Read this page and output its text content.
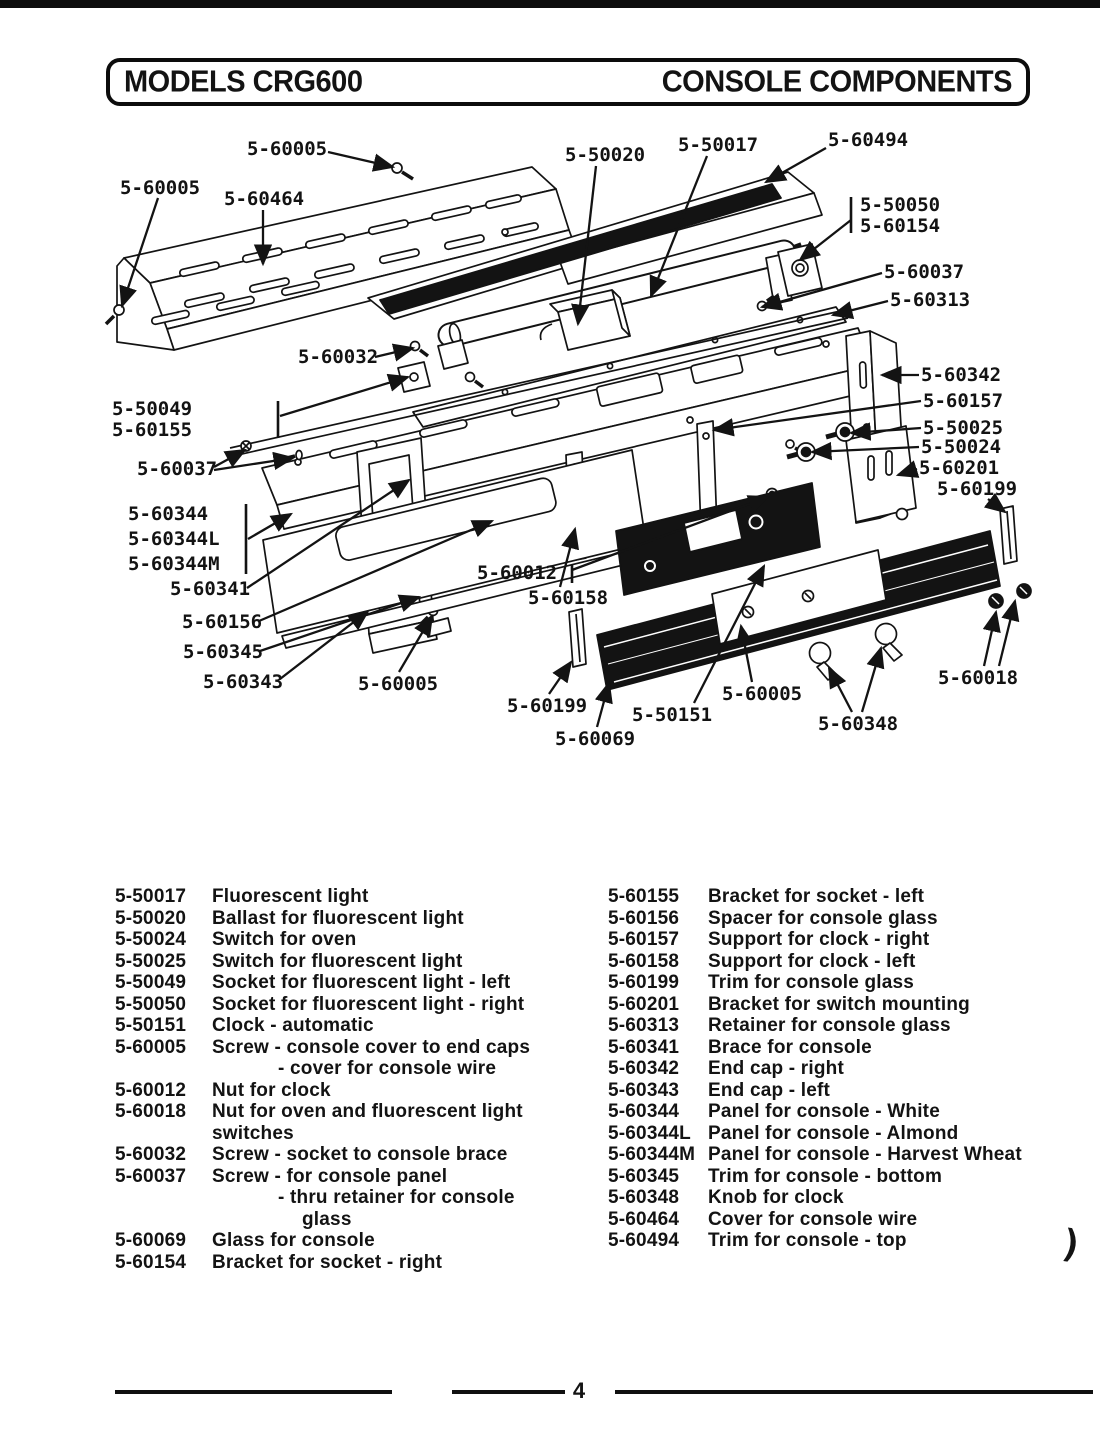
MODELS CRG600	CONSOLE COMPONENTS
5-60005	5-50020 5-50017	5-60494
5-60005 5-60464	5-50050
5-60154
5-60037
5-60313
5-60032
5-60342
5-60157
5-50049
5-60155	5-50025
5-50024
5-60201
5-60199
5-60037
5-60344
5-60344L
5-60344M
5-60341
5-60012
5-60158
5-60156
5-60345
5-60343	5-60005
5-60199
5-60069
5-50151
5-60005
5-60348
5-60018
5-50017	Fluorescent light
5-50020	Ballast for fluorescent light
5-50024	Switch for oven
5-50025	Switch for fluorescent light
5-50049	Socket for fluorescent light - left
5-50050	Socket for fluorescent light - right
5-50151	Clock - automatic
5-60005	Screw - console cover to end caps
- cover for console wire
5-60012	Nut for clock
5-60018	Nut for oven and fluorescent light
switches
5-60032	Screw - socket to console brace
5-60037	Screw - for console panel
- thru retainer for console
glass
5-60069	Glass for console
5-60154	Bracket for socket - right
5-60155	Bracket for socket - left
5-60156	Spacer for console glass
5-60157	Support for clock - right
5-60158	Support for clock - left
5-60199	Trim for console glass
5-60201	Bracket for switch mounting
5-60313	Retainer for console glass
5-60341	Brace for console
5-60342	End cap - right
5-60343	End cap - left
5-60344	Panel for console - White
5-60344L Panel for console - Almond
5-60344M Panel for console - Harvest Wheat
5-60345	Trim for console - bottom
5-60348	Knob for clock
5-60464	Cover for console wire
5-60494	Trim for console - top
4
)
